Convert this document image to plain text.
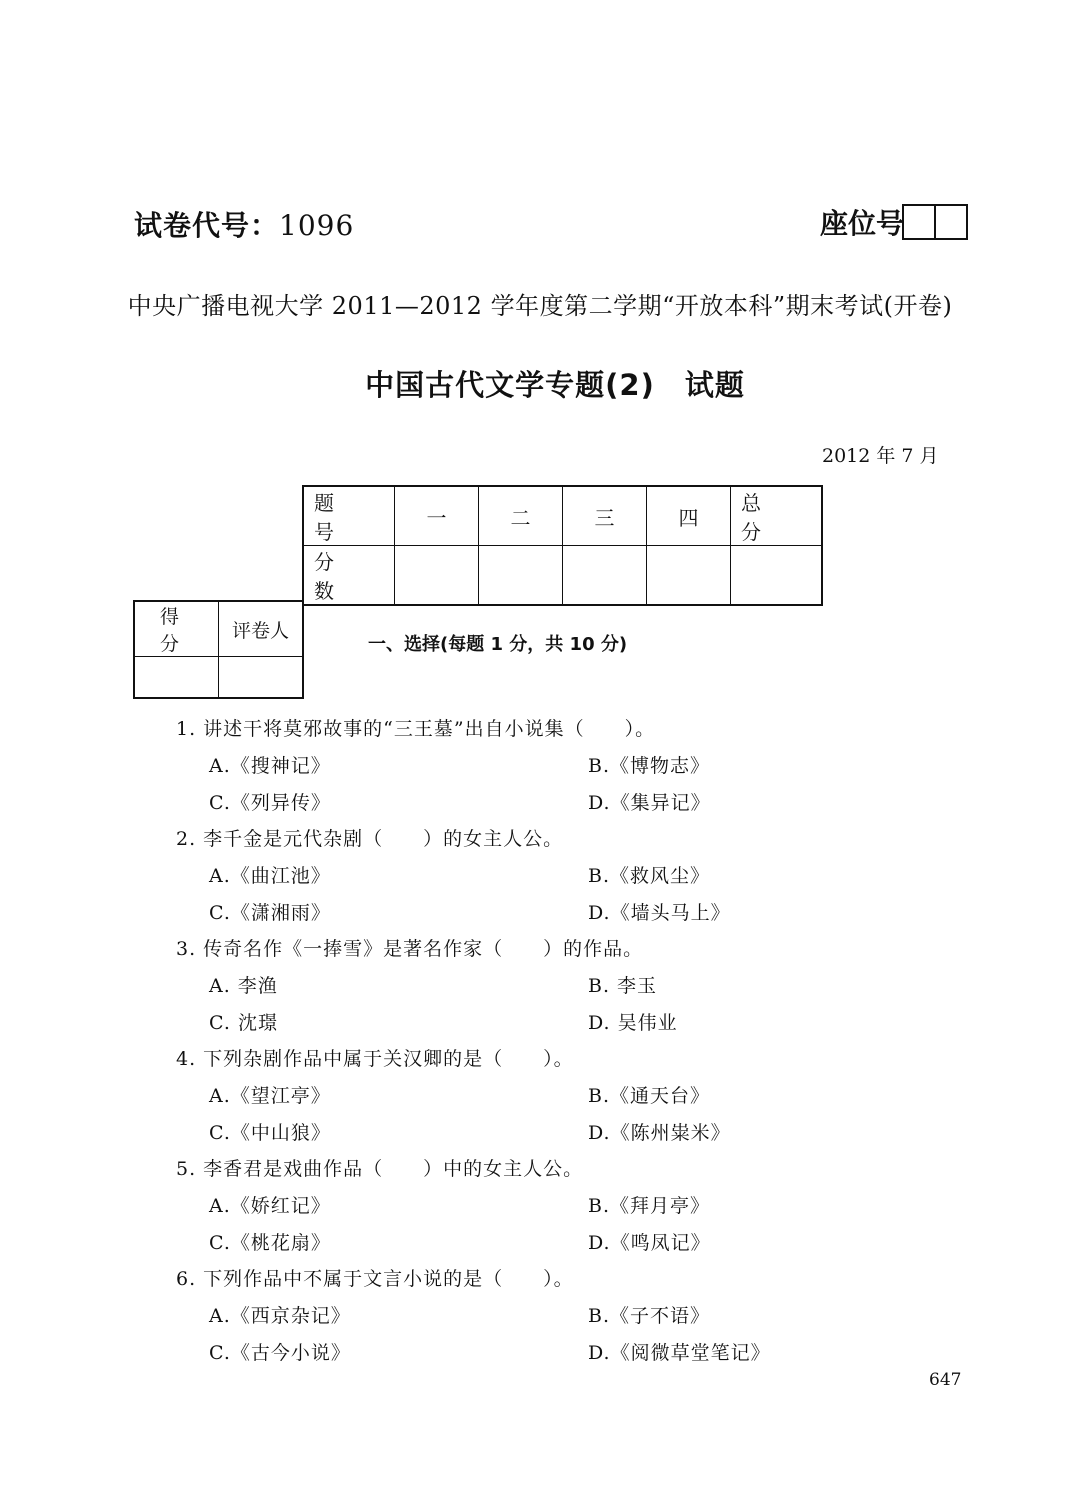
试卷代号：1096	座位号
中央广播电视大学 2011—2012 学年度第二学期“开放本科”期末考试(开卷)
中国古代文学专题(2)　试题
2012 年 7 月
题　号	一	二	三	四	总　分
分　数					
得　分	评卷人

一、选择(每题 1 分，共 10 分)
1. 讲述干将莫邪故事的“三王墓”出自小说集（　　）。
A.《搜神记》	B.《博物志》
C.《列异传》	D.《集异记》
2. 李千金是元代杂剧（　　）的女主人公。
A.《曲江池》	B.《救风尘》
C.《潇湘雨》	D.《墙头马上》
3. 传奇名作《一捧雪》是著名作家（　　）的作品。
A. 李渔	B. 李玉
C. 沈璟	D. 吴伟业
4. 下列杂剧作品中属于关汉卿的是（　　）。
A.《望江亭》	B.《通天台》
C.《中山狼》	D.《陈州粜米》
5. 李香君是戏曲作品（　　）中的女主人公。
A.《娇红记》	B.《拜月亭》
C.《桃花扇》	D.《鸣凤记》
6. 下列作品中不属于文言小说的是（　　）。
A.《西京杂记》	B.《子不语》
C.《古今小说》	D.《阅微草堂笔记》
647
